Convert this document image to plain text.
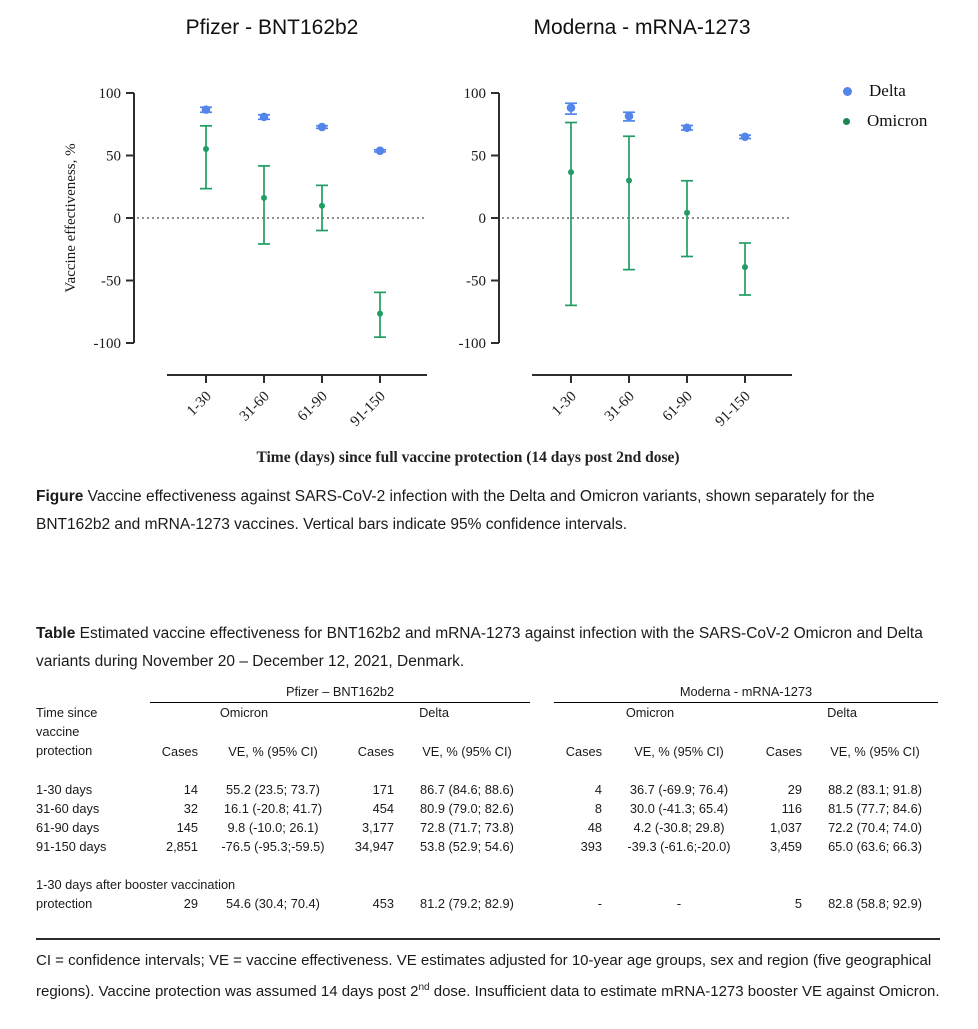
Pfizer - BNT162b2	Moderna - mRNA-1273
100
50
0
-50
-100
1-30 31-60 61-90 91-150
Vaccine effectiveness, %
100
50
0
-50
-100
1-30 31-60 61-90 91-150
Delta
Omicron
Time (days) since full vaccine protection (14 days post 2nd dose)
Figure Vaccine effectiveness against SARS-CoV-2 infection with the Delta and Omicron variants, shown separately for the BNT162b2 and mRNA-1273 vaccines. Vertical bars indicate 95% confidence intervals.
Table Estimated vaccine effectiveness for BNT162b2 and mRNA-1273 against infection with the SARS-CoV-2 Omicron and Delta variants during November 20 – December 12, 2021, Denmark.
	Pfizer – BNT162b2					Moderna - mRNA-1273			

Time since
vaccine
protection	Omicron		Delta			Omicron		Delta	
	Cases	VE, % (95% CI)	Cases	VE, % (95% CI)		Cases	VE, % (95% CI)	Cases	VE, % (95% CI)

1-30 days	14	55.2 (23.5; 73.7)	171	86.7 (84.6; 88.6)		4	36.7 (-69.9; 76.4)	29	88.2 (83.1; 91.8)
31-60 days	32	16.1 (-20.8; 41.7)	454	80.9 (79.0; 82.6)		8	30.0 (-41.3; 65.4)	116	81.5 (77.7; 84.6)
61-90 days	145	9.8 (-10.0; 26.1)	3,177	72.8 (71.7; 73.8)		48	4.2 (-30.8; 29.8)	1,037	72.2 (70.4; 74.0)
91-150 days	2,851	-76.5 (-95.3;-59.5)	34,947	53.8 (52.9; 54.6)		393	-39.3 (-61.6;-20.0)	3,459	65.0 (63.6; 66.3)

1-30 days after booster vaccination									
protection	29	54.6 (30.4; 70.4)	453	81.2 (79.2; 82.9)		-	-	5	82.8 (58.8; 92.9)
CI = confidence intervals; VE = vaccine effectiveness. VE estimates adjusted for 10-year age groups, sex and region (five geographical regions). Vaccine protection was assumed 14 days post 2nd dose. Insufficient data to estimate mRNA-1273 booster VE against Omicron.
